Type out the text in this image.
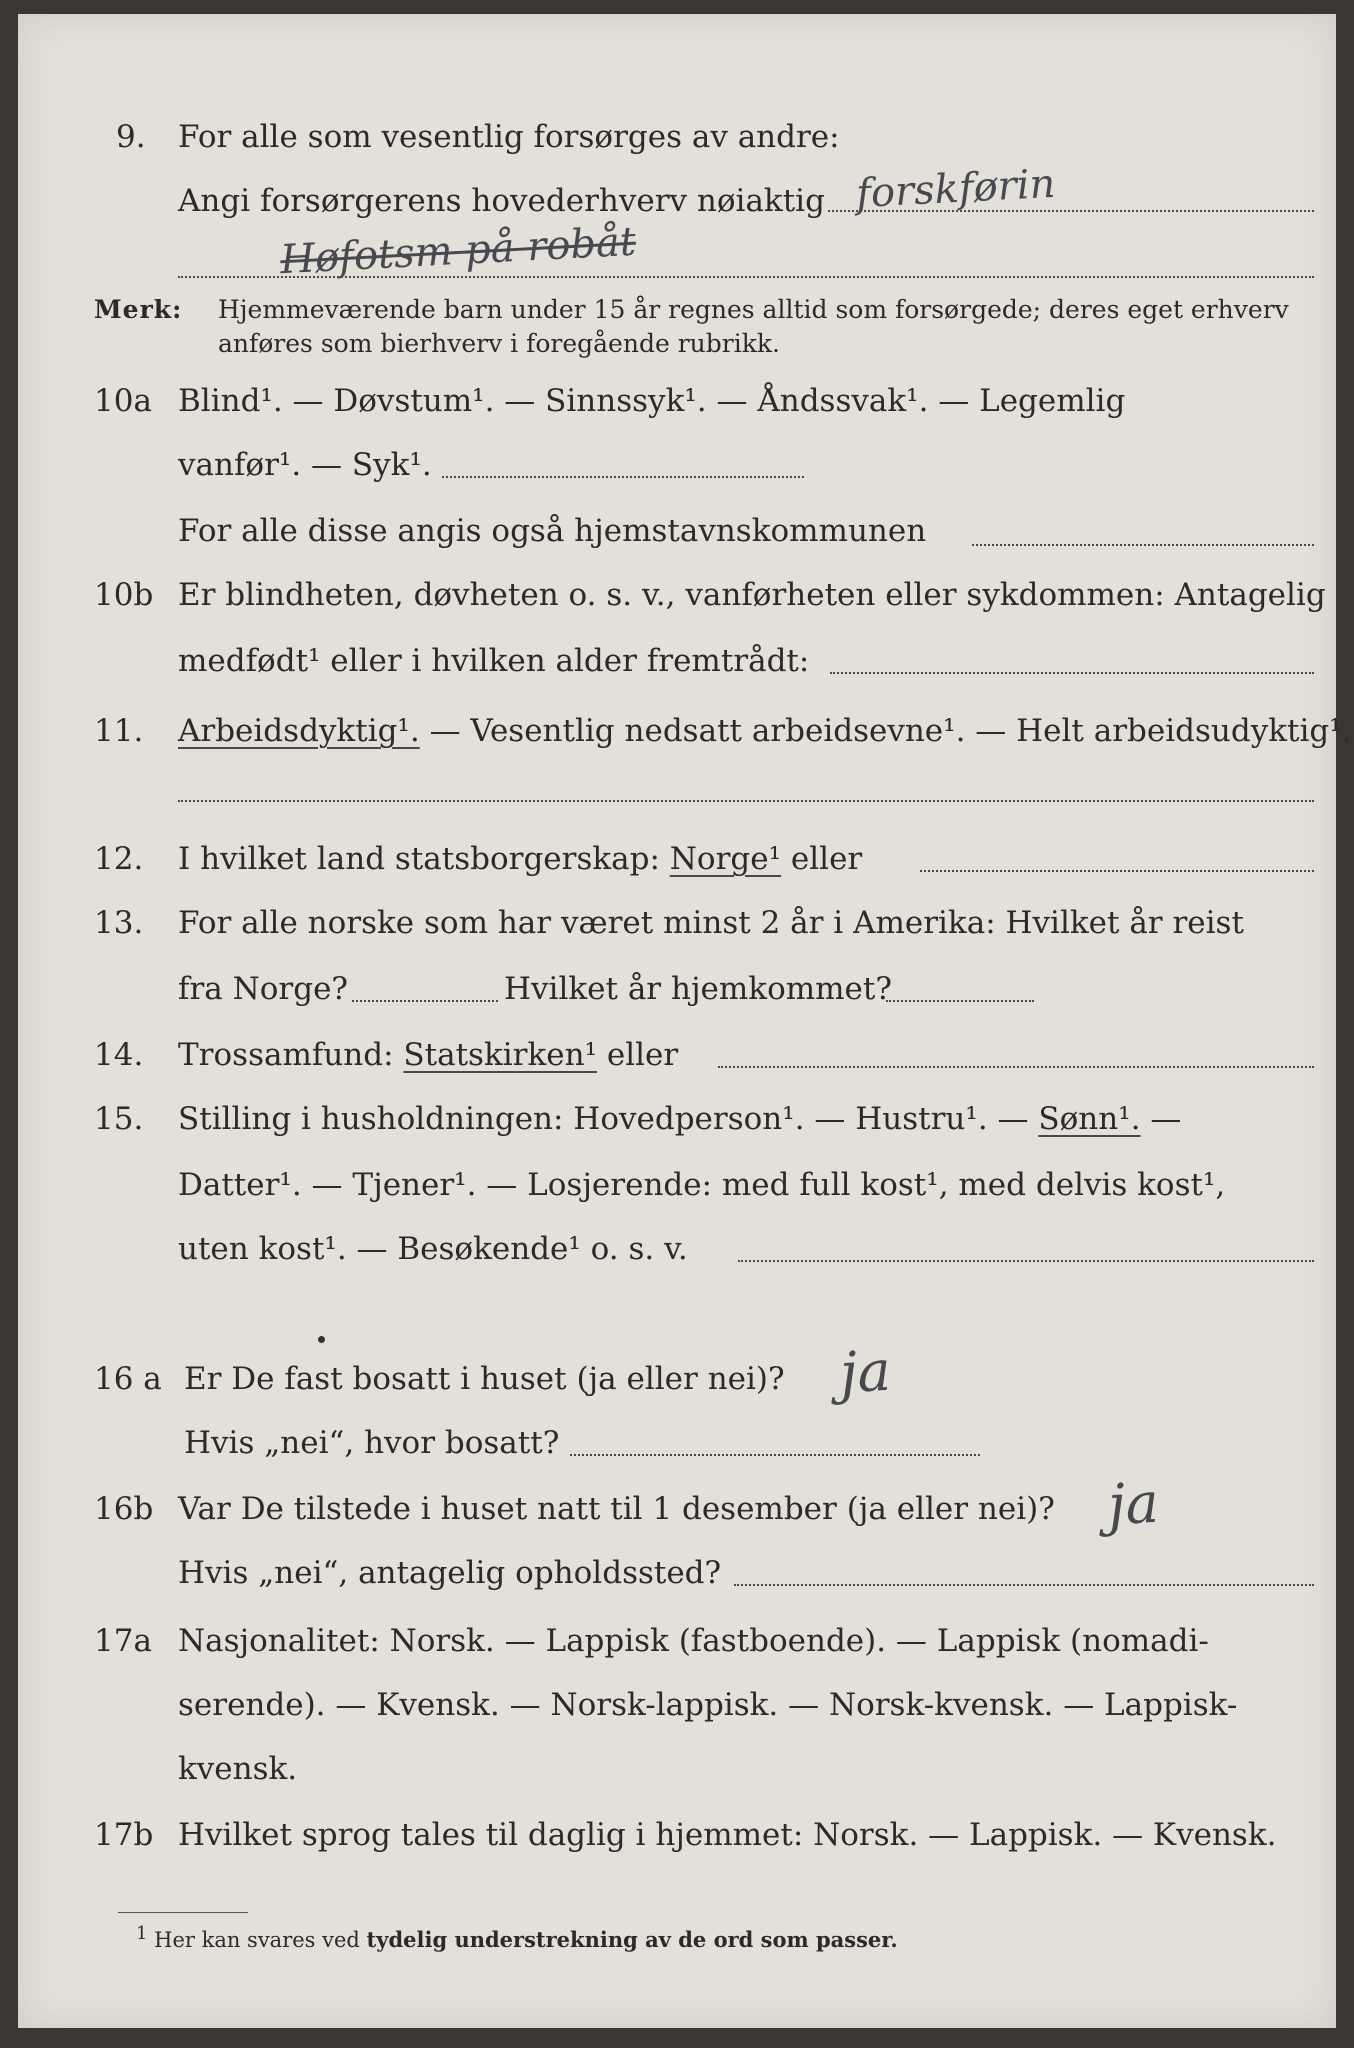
9. For alle som vesentlig forsørges av andre:
Angi forsørgerens hovederhverv nøiaktig forskførin
Høfotsm på robåt
Merk: Hjemmeværende barn under 15 år regnes alltid som forsørgede; deres eget erhverv
anføres som bierhverv i foregående rubrikk.
10a Blind¹. — Døvstum¹. — Sinnssyk¹. — Åndssvak¹. — Legemlig
vanfør¹. — Syk¹.
For alle disse angis også hjemstavnskommunen
10b Er blindheten, døvheten o. s. v., vanførheten eller sykdommen: Antagelig
medfødt¹ eller i hvilken alder fremtrådt:
11. Arbeidsdyktig¹. — Vesentlig nedsatt arbeidsevne¹. — Helt arbeidsudyktig¹.
12. I hvilket land statsborgerskap: Norge¹ eller
13. For alle norske som har været minst 2 år i Amerika: Hvilket år reist
fra Norge?	Hvilket år hjemkommet?
14. Trossamfund: Statskirken¹ eller
15. Stilling i husholdningen: Hovedperson¹. — Hustru¹. — Sønn¹. —
Datter¹. — Tjener¹. — Losjerende: med full kost¹, med delvis kost¹,
uten kost¹. — Besøkende¹ o. s. v.
16 a Er De fast bosatt i huset (ja eller nei)? ja
Hvis „nei“, hvor bosatt?
16b Var De tilstede i huset natt til 1 desember (ja eller nei)? ja
Hvis „nei“, antagelig opholdssted?
17a Nasjonalitet: Norsk. — Lappisk (fastboende). — Lappisk (nomadi-
serende). — Kvensk. — Norsk-lappisk. — Norsk-kvensk. — Lappisk-
kvensk.
17b Hvilket sprog tales til daglig i hjemmet: Norsk. — Lappisk. — Kvensk.
1 Her kan svares ved tydelig understrekning av de ord som passer.
